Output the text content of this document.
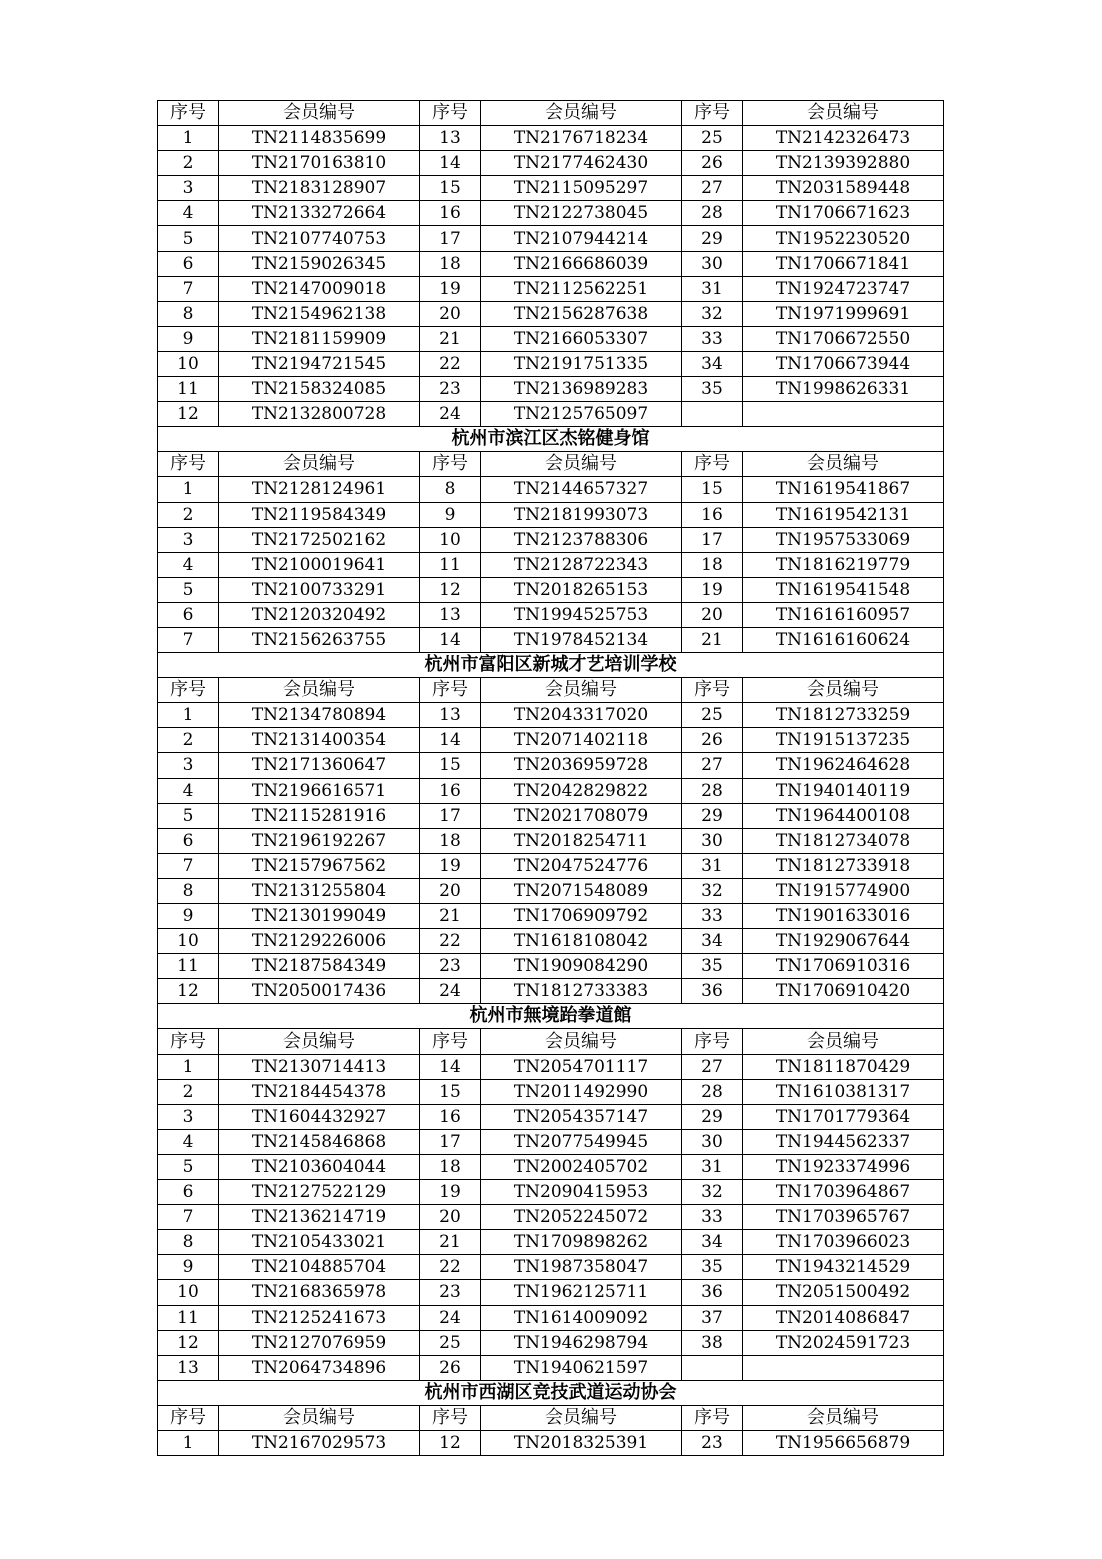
序号	会员编号	序号	会员编号	序号	会员编号
1	TN2114835699	13	TN2176718234	25	TN2142326473
2	TN2170163810	14	TN2177462430	26	TN2139392880
3	TN2183128907	15	TN2115095297	27	TN2031589448
4	TN2133272664	16	TN2122738045	28	TN1706671623
5	TN2107740753	17	TN2107944214	29	TN1952230520
6	TN2159026345	18	TN2166686039	30	TN1706671841
7	TN2147009018	19	TN2112562251	31	TN1924723747
8	TN2154962138	20	TN2156287638	32	TN1971999691
9	TN2181159909	21	TN2166053307	33	TN1706672550
10	TN2194721545	22	TN2191751335	34	TN1706673944
11	TN2158324085	23	TN2136989283	35	TN1998626331
12	TN2132800728	24	TN2125765097		
杭州市滨江区杰铭健身馆					
序号	会员编号	序号	会员编号	序号	会员编号
1	TN2128124961	8	TN2144657327	15	TN1619541867
2	TN2119584349	9	TN2181993073	16	TN1619542131
3	TN2172502162	10	TN2123788306	17	TN1957533069
4	TN2100019641	11	TN2128722343	18	TN1816219779
5	TN2100733291	12	TN2018265153	19	TN1619541548
6	TN2120320492	13	TN1994525753	20	TN1616160957
7	TN2156263755	14	TN1978452134	21	TN1616160624
杭州市富阳区新城才艺培训学校					
序号	会员编号	序号	会员编号	序号	会员编号
1	TN2134780894	13	TN2043317020	25	TN1812733259
2	TN2131400354	14	TN2071402118	26	TN1915137235
3	TN2171360647	15	TN2036959728	27	TN1962464628
4	TN2196616571	16	TN2042829822	28	TN1940140119
5	TN2115281916	17	TN2021708079	29	TN1964400108
6	TN2196192267	18	TN2018254711	30	TN1812734078
7	TN2157967562	19	TN2047524776	31	TN1812733918
8	TN2131255804	20	TN2071548089	32	TN1915774900
9	TN2130199049	21	TN1706909792	33	TN1901633016
10	TN2129226006	22	TN1618108042	34	TN1929067644
11	TN2187584349	23	TN1909084290	35	TN1706910316
12	TN2050017436	24	TN1812733383	36	TN1706910420
杭州市無境跆拳道館					
序号	会员编号	序号	会员编号	序号	会员编号
1	TN2130714413	14	TN2054701117	27	TN1811870429
2	TN2184454378	15	TN2011492990	28	TN1610381317
3	TN1604432927	16	TN2054357147	29	TN1701779364
4	TN2145846868	17	TN2077549945	30	TN1944562337
5	TN2103604044	18	TN2002405702	31	TN1923374996
6	TN2127522129	19	TN2090415953	32	TN1703964867
7	TN2136214719	20	TN2052245072	33	TN1703965767
8	TN2105433021	21	TN1709898262	34	TN1703966023
9	TN2104885704	22	TN1987358047	35	TN1943214529
10	TN2168365978	23	TN1962125711	36	TN2051500492
11	TN2125241673	24	TN1614009092	37	TN2014086847
12	TN2127076959	25	TN1946298794	38	TN2024591723
13	TN2064734896	26	TN1940621597		
杭州市西湖区竞技武道运动协会					
序号	会员编号	序号	会员编号	序号	会员编号
1	TN2167029573	12	TN2018325391	23	TN1956656879
